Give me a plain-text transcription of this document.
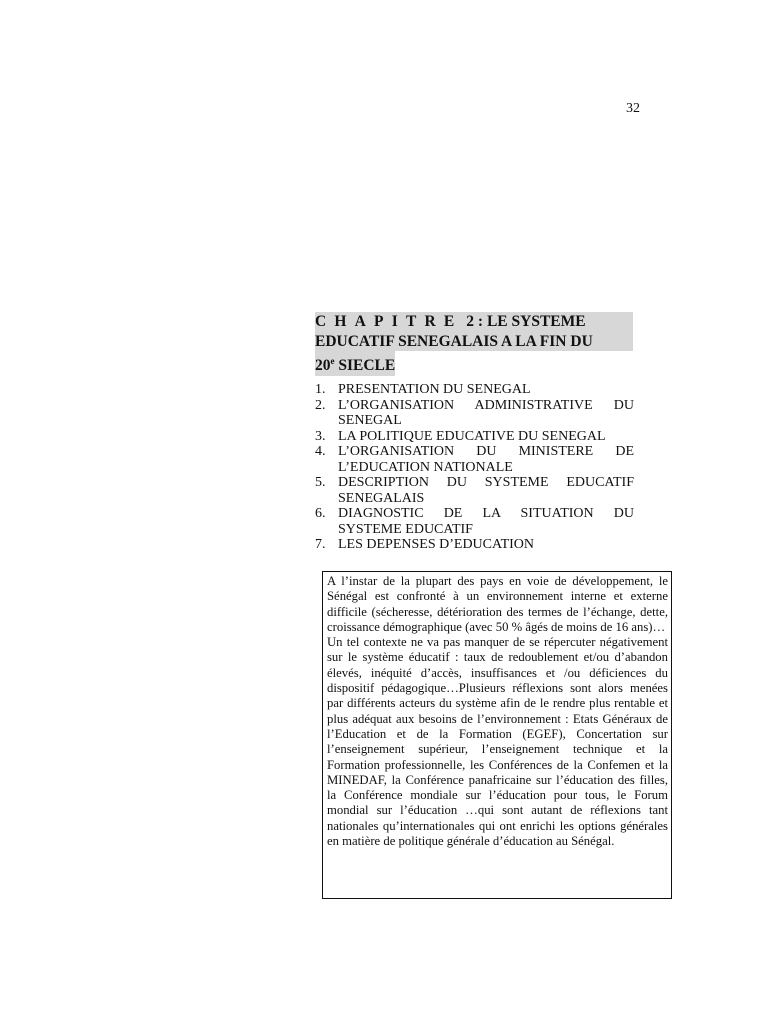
32
CHAPITRE 2 : LE SYSTEME EDUCATIF SENEGALAIS A LA FIN DU 20e SIECLE
1. PRESENTATION DU SENEGAL
2. L’ORGANISATION ADMINISTRATIVE DU
SENEGAL
3. LA POLITIQUE EDUCATIVE DU SENEGAL
4. L’ORGANISATION DU MINISTERE DE
L’EDUCATION NATIONALE
5. DESCRIPTION DU SYSTEME EDUCATIF
SENEGALAIS
6. DIAGNOSTIC DE LA SITUATION DU
SYSTEME EDUCATIF
7. LES DEPENSES D’EDUCATION

A l’instar de la plupart des pays en voie de développement, le Sénégal est confronté à un environnement interne et externe difficile (sécheresse, détérioration des termes de l’échange, dette, croissance démographique (avec 50 % âgés de moins de 16 ans)…

Un tel contexte ne va pas manquer de se répercuter négativement sur le système éducatif : taux de redoublement et/ou d’abandon élevés, inéquité d’accès, insuffisances et /ou déficiences du dispositif pédagogique…Plusieurs réflexions sont alors menées par différents acteurs du système afin de le rendre plus rentable et plus adéquat aux besoins de l’environnement : Etats Généraux de l’Education et de la Formation (EGEF), Concertation sur l’enseignement supérieur, l’enseignement technique et la Formation professionnelle, les Conférences de la Confemen et la MINEDAF, la Conférence panafricaine sur l’éducation des filles, la Conférence mondiale sur l’éducation pour tous, le Forum mondial sur l’éducation …qui sont autant de réflexions tant nationales qu’internationales qui ont enrichi les options générales en matière de politique générale d’éducation au Sénégal.
